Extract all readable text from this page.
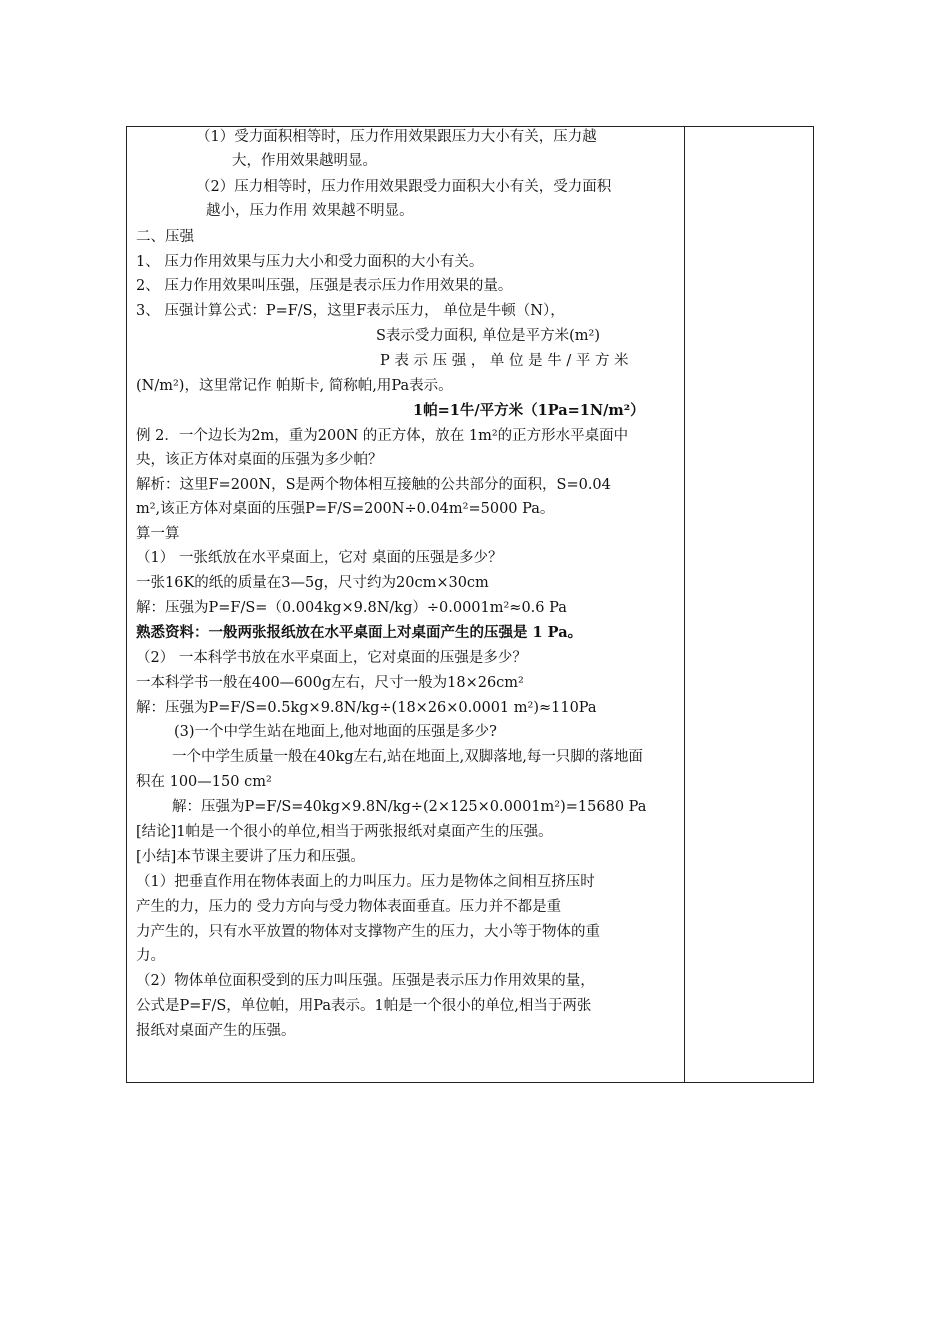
（1）受力面积相等时，压力作用效果跟压力大小有关，压力越
大，作用效果越明显。
（2）压力相等时，压力作用效果跟受力面积大小有关，受力面积
越小，压力作用 效果越不明显。
二、压强
1、 压力作用效果与压力大小和受力面积的大小有关。
2、 压力作用效果叫压强，压强是表示压力作用效果的量。
3、 压强计算公式：P=F/S，这里F表示压力， 单位是牛顿（N），
S表示受力面积, 单位是平方米(m²)
P 表 示 压 强 ， 单 位 是 牛 / 平 方 米
(N/m²)，这里常记作 帕斯卡, 简称帕,用Pa表示。
1帕=1牛/平方米（1Pa=1N/m²）
例 2．一个边长为2m，重为200N 的正方体，放在 1m²的正方形水平桌面中
央，该正方体对桌面的压强为多少帕？
解析：这里F=200N，S是两个物体相互接触的公共部分的面积，S=0.04
m²,该正方体对桌面的压强P=F/S=200N÷0.04m²=5000 Pa。
算一算
（1） 一张纸放在水平桌面上，它对 桌面的压强是多少？
一张16K的纸的质量在3—5g，尺寸约为20cm×30cm
解：压强为P=F/S=（0.004kg×9.8N/kg）÷0.0001m²≈0.6 Pa
熟悉资料：一般两张报纸放在水平桌面上对桌面产生的压强是 1 Pa。
（2） 一本科学书放在水平桌面上，它对桌面的压强是多少？
一本科学书一般在400—600g左右，尺寸一般为18×26cm²
解：压强为P=F/S=0.5kg×9.8N/kg÷(18×26×0.0001 m²)≈110Pa
(3)一个中学生站在地面上,他对地面的压强是多少?
一个中学生质量一般在40kg左右,站在地面上,双脚落地,每一只脚的落地面
积在 100—150 cm²
解：压强为P=F/S=40kg×9.8N/kg÷(2×125×0.0001m²)=15680 Pa
[结论]1帕是一个很小的单位,相当于两张报纸对桌面产生的压强。
[小结]本节课主要讲了压力和压强。
（1）把垂直作用在物体表面上的力叫压力。压力是物体之间相互挤压时
产生的力，压力的 受力方向与受力物体表面垂直。压力并不都是重
力产生的，只有水平放置的物体对支撑物产生的压力，大小等于物体的重
力。
（2）物体单位面积受到的压力叫压强。压强是表示压力作用效果的量，
公式是P=F/S，单位帕，用Pa表示。1帕是一个很小的单位,相当于两张
报纸对桌面产生的压强。
